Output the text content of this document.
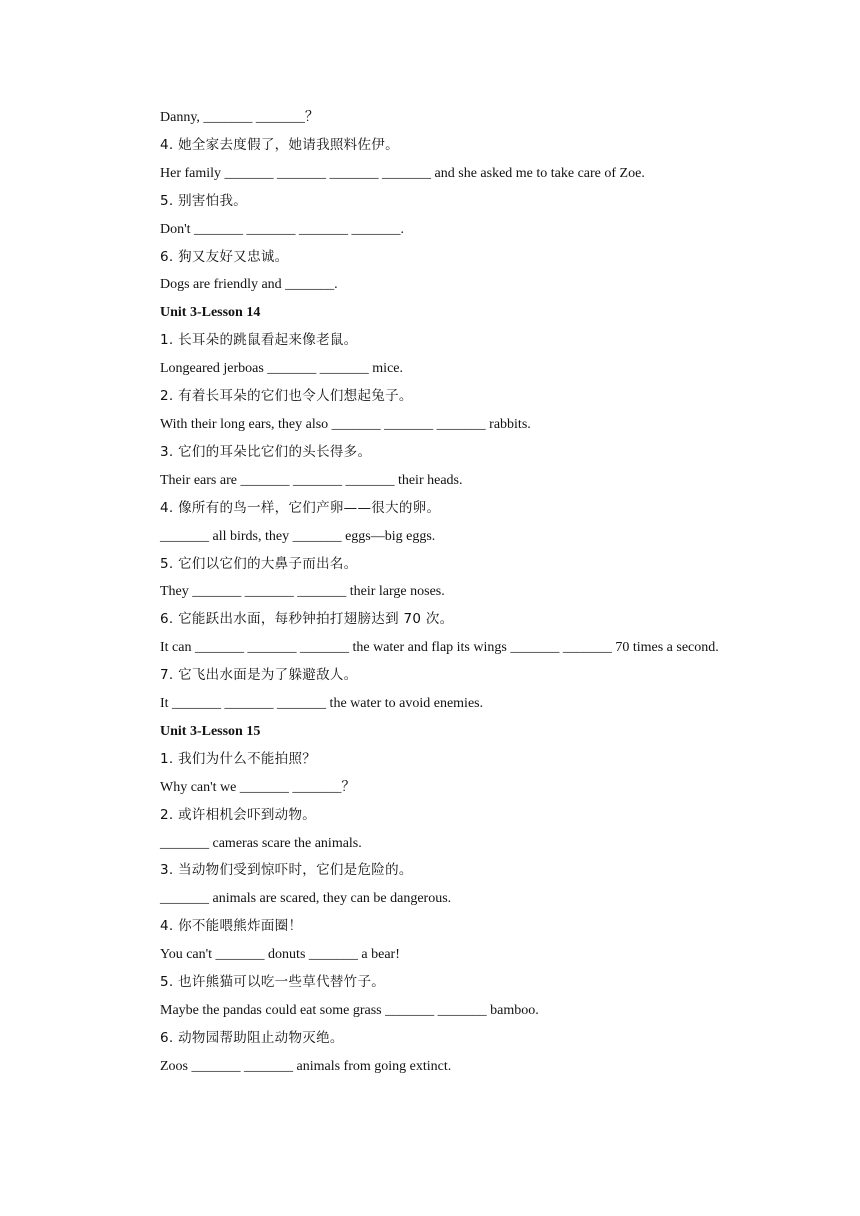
Danny, _______ _______？
4. 她全家去度假了，她请我照料佐伊。
Her family _______ _______ _______ _______ and she asked me to take care of Zoe.
5. 别害怕我。
Don't _______ _______ _______ _______.
6. 狗又友好又忠诚。
Dogs are friendly and _______.
Unit 3-Lesson 14
1. 长耳朵的跳鼠看起来像老鼠。
Longeared jerboas _______ _______ mice.
2. 有着长耳朵的它们也令人们想起兔子。
With their long ears, they also _______ _______ _______ rabbits.
3. 它们的耳朵比它们的头长得多。
Their ears are _______ _______ _______ their heads.
4. 像所有的鸟一样，它们产卵——很大的卵。
_______ all birds, they _______ eggs—big eggs.
5. 它们以它们的大鼻子而出名。
They _______ _______ _______ their large noses.
6. 它能跃出水面，每秒钟拍打翅膀达到 70 次。
It can _______ _______ _______ the water and flap its wings _______ _______ 70 times a second.
7. 它飞出水面是为了躲避敌人。
It _______ _______ _______ the water to avoid enemies.
Unit 3-Lesson 15
1. 我们为什么不能拍照？
Why can't we _______ _______？
2. 或许相机会吓到动物。
_______ cameras scare the animals.
3. 当动物们受到惊吓时，它们是危险的。
_______ animals are scared, they can be dangerous.
4. 你不能喂熊炸面圈！
You can't _______ donuts _______ a bear!
5. 也许熊猫可以吃一些草代替竹子。
Maybe the pandas could eat some grass _______ _______ bamboo.
6. 动物园帮助阻止动物灭绝。
Zoos _______ _______ animals from going extinct.
